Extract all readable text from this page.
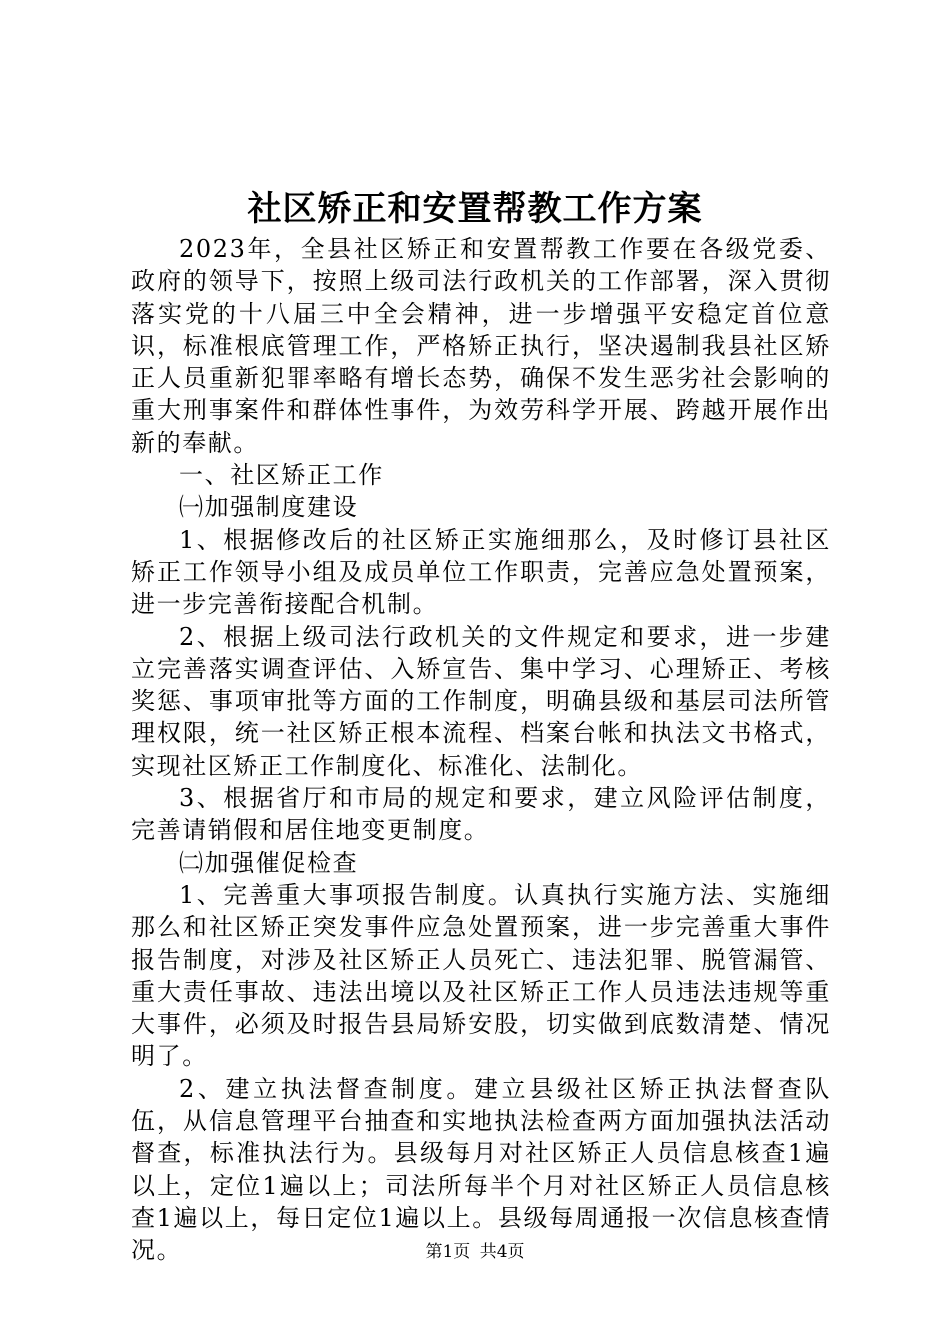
社区矫正和安置帮教工作方案

2023年，全县社区矫正和安置帮教工作要在各级党委、政府的领导下，按照上级司法行政机关的工作部署，深入贯彻落实党的十八届三中全会精神，进一步增强平安稳定首位意识，标准根底管理工作，严格矫正执行，坚决遏制我县社区矫正人员重新犯罪率略有增长态势，确保不发生恶劣社会影响的重大刑事案件和群体性事件，为效劳科学开展、跨越开展作出新的奉献。

一、社区矫正工作

㈠加强制度建设

1、根据修改后的社区矫正实施细那么，及时修订县社区矫正工作领导小组及成员单位工作职责，完善应急处置预案，进一步完善衔接配合机制。

2、根据上级司法行政机关的文件规定和要求，进一步建立完善落实调查评估、入矫宣告、集中学习、心理矫正、考核奖惩、事项审批等方面的工作制度，明确县级和基层司法所管理权限，统一社区矫正根本流程、档案台帐和执法文书格式，实现社区矫正工作制度化、标准化、法制化。

3、根据省厅和市局的规定和要求，建立风险评估制度，完善请销假和居住地变更制度。

㈡加强催促检查

1、完善重大事项报告制度。认真执行实施方法、实施细那么和社区矫正突发事件应急处置预案，进一步完善重大事件报告制度，对涉及社区矫正人员死亡、违法犯罪、脱管漏管、重大责任事故、违法出境以及社区矫正工作人员违法违规等重大事件，必须及时报告县局矫安股，切实做到底数清楚、情况明了。

2、建立执法督查制度。建立县级社区矫正执法督查队伍，从信息管理平台抽查和实地执法检查两方面加强执法活动督查，标准执法行为。县级每月对社区矫正人员信息核查1遍以上，定位1遍以上；司法所每半个月对社区矫正人员信息核查1遍以上，每日定位1遍以上。县级每周通报一次信息核查情况。	第1页 共4页
